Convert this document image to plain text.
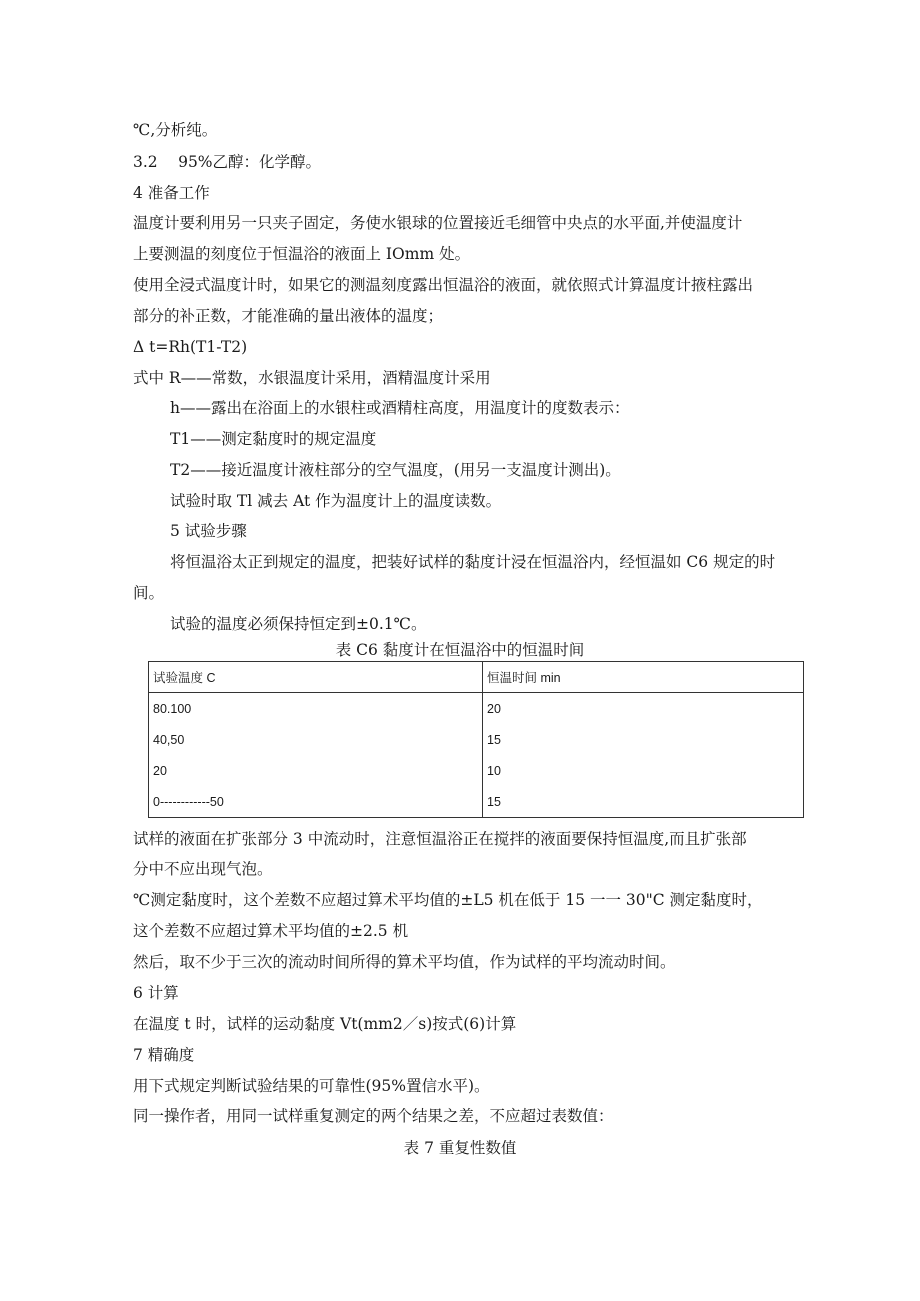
℃,分析纯。
3.2　 95%乙醇：化学醇。
4 准备工作
温度计要利用另一只夹子固定，务使水银球的位置接近毛细管中央点的水平面,并使温度计
上要测温的刻度位于恒温浴的液面上 IOmm 处。
使用全浸式温度计时，如果它的测温刻度露出恒温浴的液面，就依照式计算温度计掖柱露出
部分的补正数，才能准确的量出液体的温度；
Δ t=Rh(T1-T2)
式中 R——常数，水银温度计采用，酒精温度计采用
h——露出在浴面上的水银柱或酒精柱高度，用温度计的度数表示：
T1——测定黏度时的规定温度
T2——接近温度计液柱部分的空气温度，(用另一支温度计测出)。
试验时取 Tl 减去 At 作为温度计上的温度读数。
5 试验步骤
将恒温浴太正到规定的温度，把装好试样的黏度计浸在恒温浴内，经恒温如 C6 规定的时
间。
试验的温度必须保持恒定到±0.1℃。
表 C6 黏度计在恒温浴中的恒温时间
试验温度 C	恒温时间 min
80.100	20
40,50	15
20	10
0------------50	15
试样的液面在扩张部分 3 中流动时，注意恒温浴正在搅拌的液面要保持恒温度,而且扩张部
分中不应出现气泡。
℃测定黏度时，这个差数不应超过算术平均值的±L5 机在低于 15 一一 30"C 测定黏度时，
这个差数不应超过算术平均值的±2.5 机
然后，取不少于三次的流动时间所得的算术平均值，作为试样的平均流动时间。
6 计算
在温度 t 时，试样的运动黏度 Vt(mm2／s)按式(6)计算
7 精确度
用下式规定判断试验结果的可靠性(95%置信水平)。
同一操作者，用同一试样重复测定的两个结果之差，不应超过表数值：
表 7 重复性数值
